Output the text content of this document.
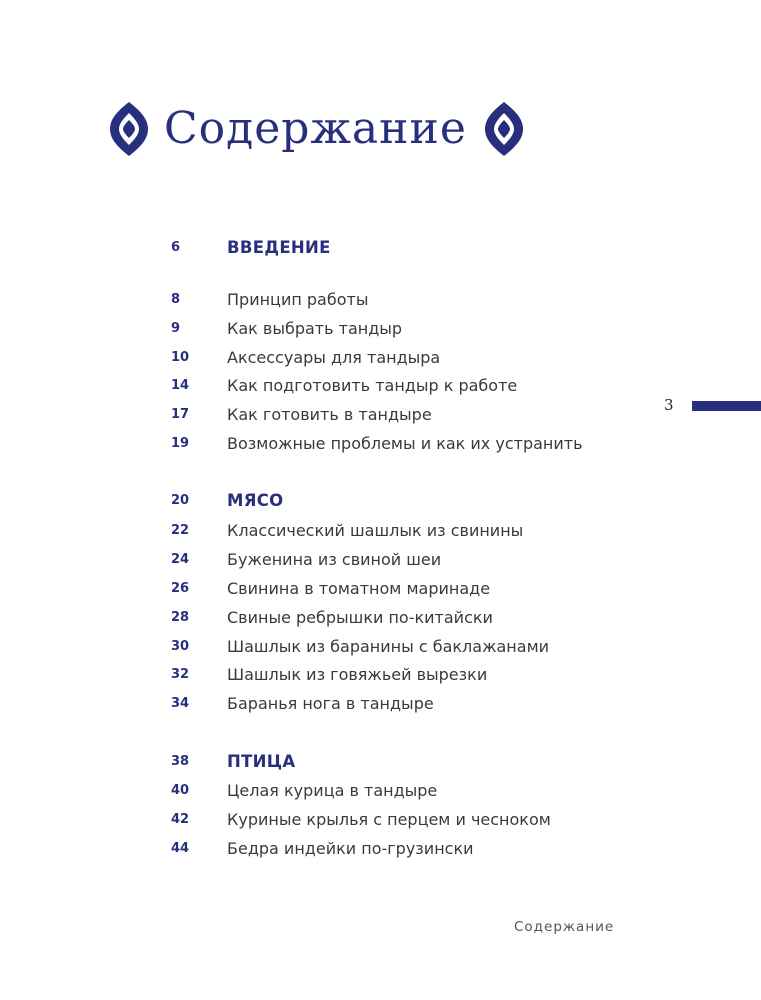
Содержание
6	ВВЕДЕНИЕ
8	Принцип работы
9	Как выбрать тандыр
10	Аксессуары для тандыра
14	Как подготовить тандыр к работе
17	Как готовить в тандыре
19	Возможные проблемы и как их устранить
20	МЯСО
22	Классический шашлык из свинины
24	Буженина из свиной шеи
26	Свинина в томатном маринаде
28	Свиные ребрышки по-китайски
30	Шашлык из баранины с баклажанами
32	Шашлык из говяжьей вырезки
34	Баранья нога в тандыре
38	ПТИЦА
40	Целая курица в тандыре
42	Куриные крылья с перцем и чесноком
44	Бедра индейки по-грузински
3
Содержание
